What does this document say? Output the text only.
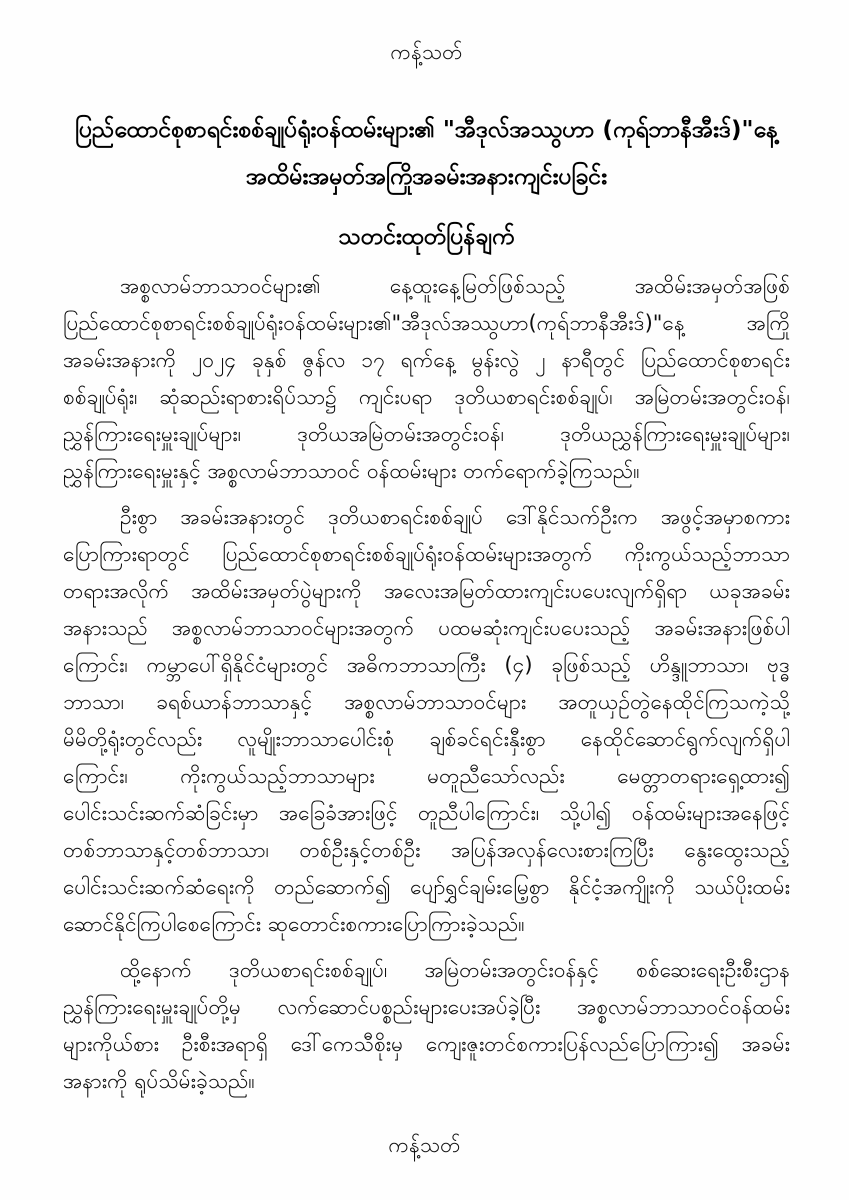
ကန့်သတ်
ပြည်ထောင်စုစာရင်းစစ်ချုပ်ရုံးဝန်ထမ်းများ၏ "အီဒုလ်အဿွဟာ (ကုရ်ဘာနီအီးဒ်)"နေ့
အထိမ်းအမှတ်အကြိုအခမ်းအနားကျင်းပခြင်း
သတင်းထုတ်ပြန်ချက်
အစ္စလာမ်ဘာသာဝင်များ၏ နေ့ထူးနေ့မြတ်ဖြစ်သည့် အထိမ်းအမှတ်အဖြစ်
ပြည်ထောင်စုစာရင်းစစ်ချုပ်ရုံးဝန်ထမ်းများ၏"အီဒုလ်အဿွဟာ(ကုရ်ဘာနီအီးဒ်)"နေ့ အကြို
အခမ်းအနားကို ၂၀၂၄ ခုနှစ် ဇွန်လ ၁၇ ရက်နေ့ မွန်းလွဲ ၂ နာရီတွင် ပြည်ထောင်စုစာရင်း
စစ်ချုပ်ရုံး၊ ဆုံဆည်းရာစားရိပ်သာ၌ ကျင်းပရာ ဒုတိယစာရင်းစစ်ချုပ်၊ အမြဲတမ်းအတွင်းဝန်၊
ညွှန်ကြားရေးမှူးချုပ်များ၊ ဒုတိယအမြဲတမ်းအတွင်းဝန်၊ ဒုတိယညွှန်ကြားရေးမှူးချုပ်များ၊
ညွှန်ကြားရေးမှူးနှင့် အစ္စလာမ်ဘာသာဝင် ဝန်ထမ်းများ တက်ရောက်ခဲ့ကြသည်။
ဦးစွာ အခမ်းအနားတွင် ဒုတိယစာရင်းစစ်ချုပ် ဒေါ်နိုင်သက်ဦးက အဖွင့်အမှာစကား
ပြောကြားရာတွင် ပြည်ထောင်စုစာရင်းစစ်ချုပ်ရုံးဝန်ထမ်းများအတွက် ကိုးကွယ်သည့်ဘာသာ
တရားအလိုက် အထိမ်းအမှတ်ပွဲများကို အလေးအမြတ်ထားကျင်းပပေးလျက်ရှိရာ ယခုအခမ်း
အနားသည် အစ္စလာမ်ဘာသာဝင်များအတွက် ပထမဆုံးကျင်းပပေးသည့် အခမ်းအနားဖြစ်ပါ
ကြောင်း၊ ကမ္ဘာပေါ်ရှိနိုင်ငံများတွင် အဓိကဘာသာကြီး (၄) ခုဖြစ်သည့် ဟိန္ဒူဘာသာ၊ ဗုဒ္ဓ
ဘာသာ၊ ခရစ်ယာန်ဘာသာနှင့် အစ္စလာမ်ဘာသာဝင်များ အတူယှဉ်တွဲနေထိုင်ကြသကဲ့သို့
မိမိတို့ရုံးတွင်လည်း လူမျိုးဘာသာပေါင်းစုံ ချစ်ခင်ရင်းနှီးစွာ နေထိုင်ဆောင်ရွက်လျက်ရှိပါ
ကြောင်း၊ ကိုးကွယ်သည့်ဘာသာများ မတူညီသော်လည်း မေတ္တာတရားရှေ့ထား၍
ပေါင်းသင်းဆက်ဆံခြင်းမှာ အခြေခံအားဖြင့် တူညီပါကြောင်း၊ သို့ပါ၍ ဝန်ထမ်းများအနေဖြင့်
တစ်ဘာသာနှင့်တစ်ဘာသာ၊ တစ်ဦးနှင့်တစ်ဦး အပြန်အလှန်လေးစားကြပြီး နွေးထွေးသည့်
ပေါင်းသင်းဆက်ဆံရေးကို တည်ဆောက်၍ ပျော်ရွှင်ချမ်းမြေ့စွာ နိုင်ငံ့အကျိုးကို သယ်ပိုးထမ်း
ဆောင်နိုင်ကြပါစေကြောင်း ဆုတောင်းစကားပြောကြားခဲ့သည်။
ထို့နောက် ဒုတိယစာရင်းစစ်ချုပ်၊ အမြဲတမ်းအတွင်းဝန်နှင့် စစ်ဆေးရေးဦးစီးဌာန
ညွှန်ကြားရေးမှူးချုပ်တို့မှ လက်ဆောင်ပစ္စည်းများပေးအပ်ခဲ့ပြီး အစ္စလာမ်ဘာသာဝင်ဝန်ထမ်း
များကိုယ်စား ဦးစီးအရာရှိ ဒေါ်ကေသီစိုးမှ ကျေးဇူးတင်စကားပြန်လည်ပြောကြား၍ အခမ်း
အနားကို ရုပ်သိမ်းခဲ့သည်။
ကန့်သတ်
